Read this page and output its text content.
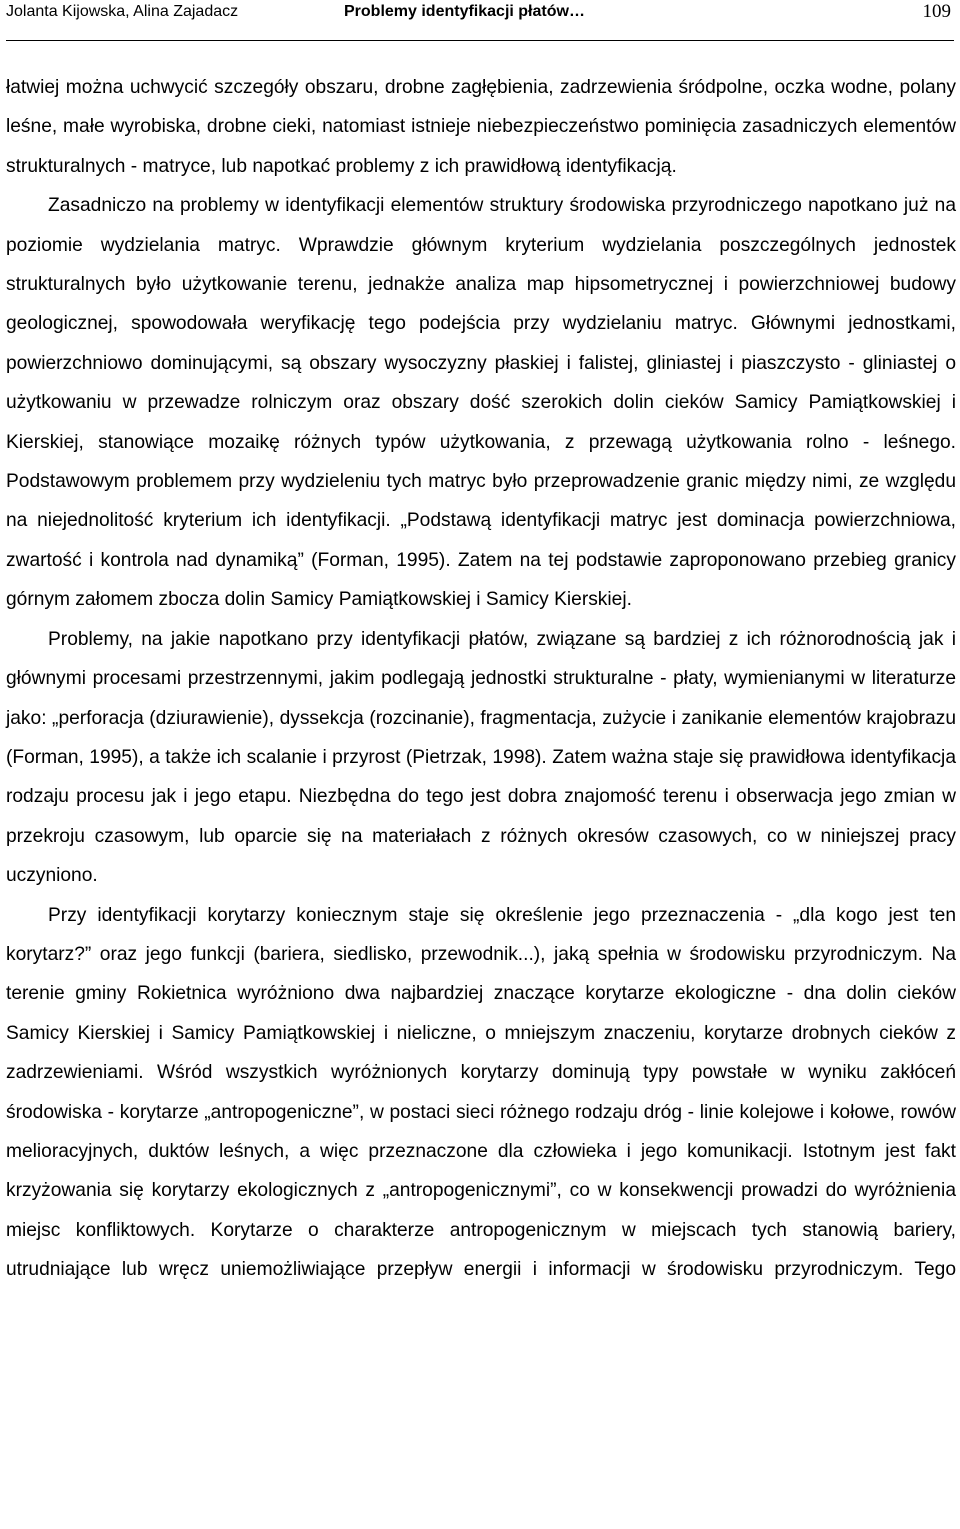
Jolanta Kijowska, Alina Zajadacz	Problemy identyfikacji płatów…	109

łatwiej można uchwycić szczegóły obszaru, drobne zagłębienia, zadrzewienia śródpolne, oczka wodne, polany leśne, małe wyrobiska, drobne cieki, natomiast istnieje niebezpieczeństwo pominięcia zasadniczych elementów strukturalnych - matryce, lub napotkać problemy z ich prawidłową identyfikacją.

Zasadniczo na problemy w identyfikacji elementów struktury środowiska przyrodniczego napotkano już na poziomie wydzielania matryc. Wprawdzie głównym kryterium wydzielania poszczególnych jednostek strukturalnych było użytkowanie terenu, jednakże analiza map hipsometrycznej i powierzchniowej budowy geologicznej, spowodowała weryfikację tego podejścia przy wydzielaniu matryc. Głównymi jednostkami, powierzchniowo dominującymi, są obszary wysoczyzny płaskiej i falistej, gliniastej i piaszczysto - gliniastej o użytkowaniu w przewadze rolniczym oraz obszary dość szerokich dolin cieków Samicy Pamiątkowskiej i Kierskiej, stanowiące mozaikę różnych typów użytkowania, z przewagą użytkowania rolno - leśnego. Podstawowym problemem przy wydzieleniu tych matryc było przeprowadzenie granic między nimi, ze względu na niejednolitość kryterium ich identyfikacji. „Podstawą identyfikacji matryc jest dominacja powierzchniowa, zwartość i kontrola nad dynamiką” (Forman, 1995). Zatem na tej podstawie zaproponowano przebieg granicy górnym załomem zbocza dolin Samicy Pamiątkowskiej i Samicy Kierskiej.

Problemy, na jakie napotkano przy identyfikacji płatów, związane są bardziej z ich różnorodnością jak i głównymi procesami przestrzennymi, jakim podlegają jednostki strukturalne - płaty, wymienianymi w literaturze jako: „perforacja (dziurawienie), dyssekcja (rozcinanie), fragmentacja, zużycie i zanikanie elementów krajobrazu (Forman, 1995), a także ich scalanie i przyrost (Pietrzak, 1998). Zatem ważna staje się prawidłowa identyfikacja rodzaju procesu jak i jego etapu. Niezbędna do tego jest dobra znajomość terenu i obserwacja jego zmian w przekroju czasowym, lub oparcie się na materiałach z różnych okresów czasowych, co w niniejszej pracy uczyniono.

Przy identyfikacji korytarzy koniecznym staje się określenie jego przeznaczenia - „dla kogo jest ten korytarz?” oraz jego funkcji (bariera, siedlisko, przewodnik...), jaką spełnia w środowisku przyrodniczym. Na terenie gminy Rokietnica wyróżniono dwa najbardziej znaczące korytarze ekologiczne - dna dolin cieków Samicy Kierskiej i Samicy Pamiątkowskiej i nieliczne, o mniejszym znaczeniu, korytarze drobnych cieków z zadrzewieniami. Wśród wszystkich wyróżnionych korytarzy dominują typy powstałe w wyniku zakłóceń środowiska - korytarze „antropogeniczne”, w postaci sieci różnego rodzaju dróg - linie kolejowe i kołowe, rowów melioracyjnych, duktów leśnych, a więc przeznaczone dla człowieka i jego komunikacji. Istotnym jest fakt krzyżowania się korytarzy ekologicznych z „antropogenicznymi”, co w konsekwencji prowadzi do wyróżnienia miejsc konfliktowych. Korytarze o charakterze antropogenicznym w miejscach tych stanowią bariery, utrudniające lub wręcz uniemożliwiające przepływ energii i informacji w środowisku przyrodniczym. Tego
